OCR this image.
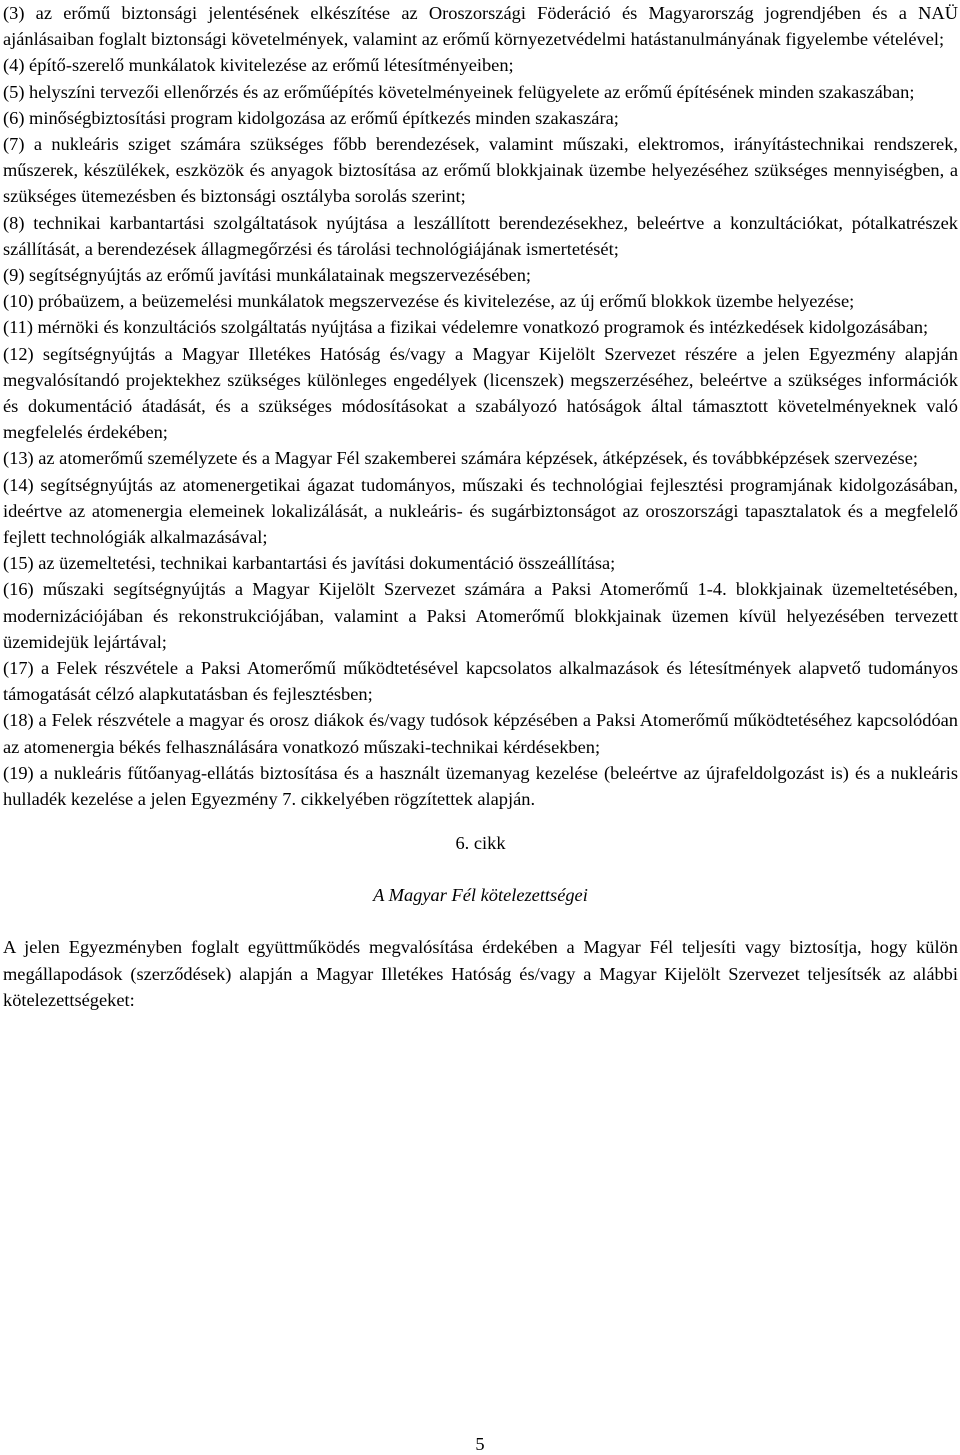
(3) az erőmű biztonsági jelentésének elkészítése az Oroszországi Föderáció és Magyarország jogrendjében és a NAÜ ajánlásaiban foglalt biztonsági követelmények, valamint az erőmű környezetvédelmi hatástanulmányának figyelembe vételével;

(4) építő-szerelő munkálatok kivitelezése az erőmű létesítményeiben;

(5) helyszíni tervezői ellenőrzés és az erőműépítés követelményeinek felügyelete az erőmű építésének minden szakaszában;

(6) minőségbiztosítási program kidolgozása az erőmű építkezés minden szakaszára;

(7) a nukleáris sziget számára szükséges főbb berendezések, valamint műszaki, elektromos, irányítástechnikai rendszerek, műszerek, készülékek, eszközök és anyagok biztosítása az erőmű blokkjainak üzembe helyezéséhez szükséges mennyiségben, a szükséges ütemezésben és biztonsági osztályba sorolás szerint;

(8) technikai karbantartási szolgáltatások nyújtása a leszállított berendezésekhez, beleértve a konzultációkat, pótalkatrészek szállítását, a berendezések állagmegőrzési és tárolási technológiájának ismertetését;

(9) segítségnyújtás az erőmű javítási munkálatainak megszervezésében;

(10) próbaüzem, a beüzemelési munkálatok megszervezése és kivitelezése, az új erőmű blokkok üzembe helyezése;

(11) mérnöki és konzultációs szolgáltatás nyújtása a fizikai védelemre vonatkozó programok és intézkedések kidolgozásában;

(12) segítségnyújtás a Magyar Illetékes Hatóság és/vagy a Magyar Kijelölt Szervezet részére a jelen Egyezmény alapján megvalósítandó projektekhez szükséges különleges engedélyek (licenszek) megszerzéséhez, beleértve a szükséges információk és dokumentáció átadását, és a szükséges módosításokat a szabályozó hatóságok által támasztott követelményeknek való megfelelés érdekében;

(13) az atomerőmű személyzete és a Magyar Fél szakemberei számára képzések, átképzések, és továbbképzések szervezése;

(14) segítségnyújtás az atomenergetikai ágazat tudományos, műszaki és technológiai fejlesztési programjának kidolgozásában, ideértve az atomenergia elemeinek lokalizálását, a nukleáris- és sugárbiztonságot az oroszországi tapasztalatok és a megfelelő fejlett technológiák alkalmazásával;

(15) az üzemeltetési, technikai karbantartási és javítási dokumentáció összeállítása;

(16) műszaki segítségnyújtás a Magyar Kijelölt Szervezet számára a Paksi Atomerőmű 1-4. blokkjainak üzemeltetésében, modernizációjában és rekonstrukciójában, valamint a Paksi Atomerőmű blokkjainak üzemen kívül helyezésében tervezett üzemidejük lejártával;

(17) a Felek részvétele a Paksi Atomerőmű működtetésével kapcsolatos alkalmazások és létesítmények alapvető tudományos támogatását célzó alapkutatásban és fejlesztésben;

(18) a Felek részvétele a magyar és orosz diákok és/vagy tudósok képzésében a Paksi Atomerőmű működtetéséhez kapcsolódóan az atomenergia békés felhasználására vonatkozó műszaki-technikai kérdésekben;

(19) a nukleáris fűtőanyag-ellátás biztosítása és a használt üzemanyag kezelése (beleértve az újrafeldolgozást is) és a nukleáris hulladék kezelése a jelen Egyezmény 7. cikkelyében rögzítettek alapján.

6. cikk

A Magyar Fél kötelezettségei

A jelen Egyezményben foglalt együttműködés megvalósítása érdekében a Magyar Fél teljesíti vagy biztosítja, hogy külön megállapodások (szerződések) alapján a Magyar Illetékes Hatóság és/vagy a Magyar Kijelölt Szervezet teljesítsék az alábbi kötelezettségeket:

5
